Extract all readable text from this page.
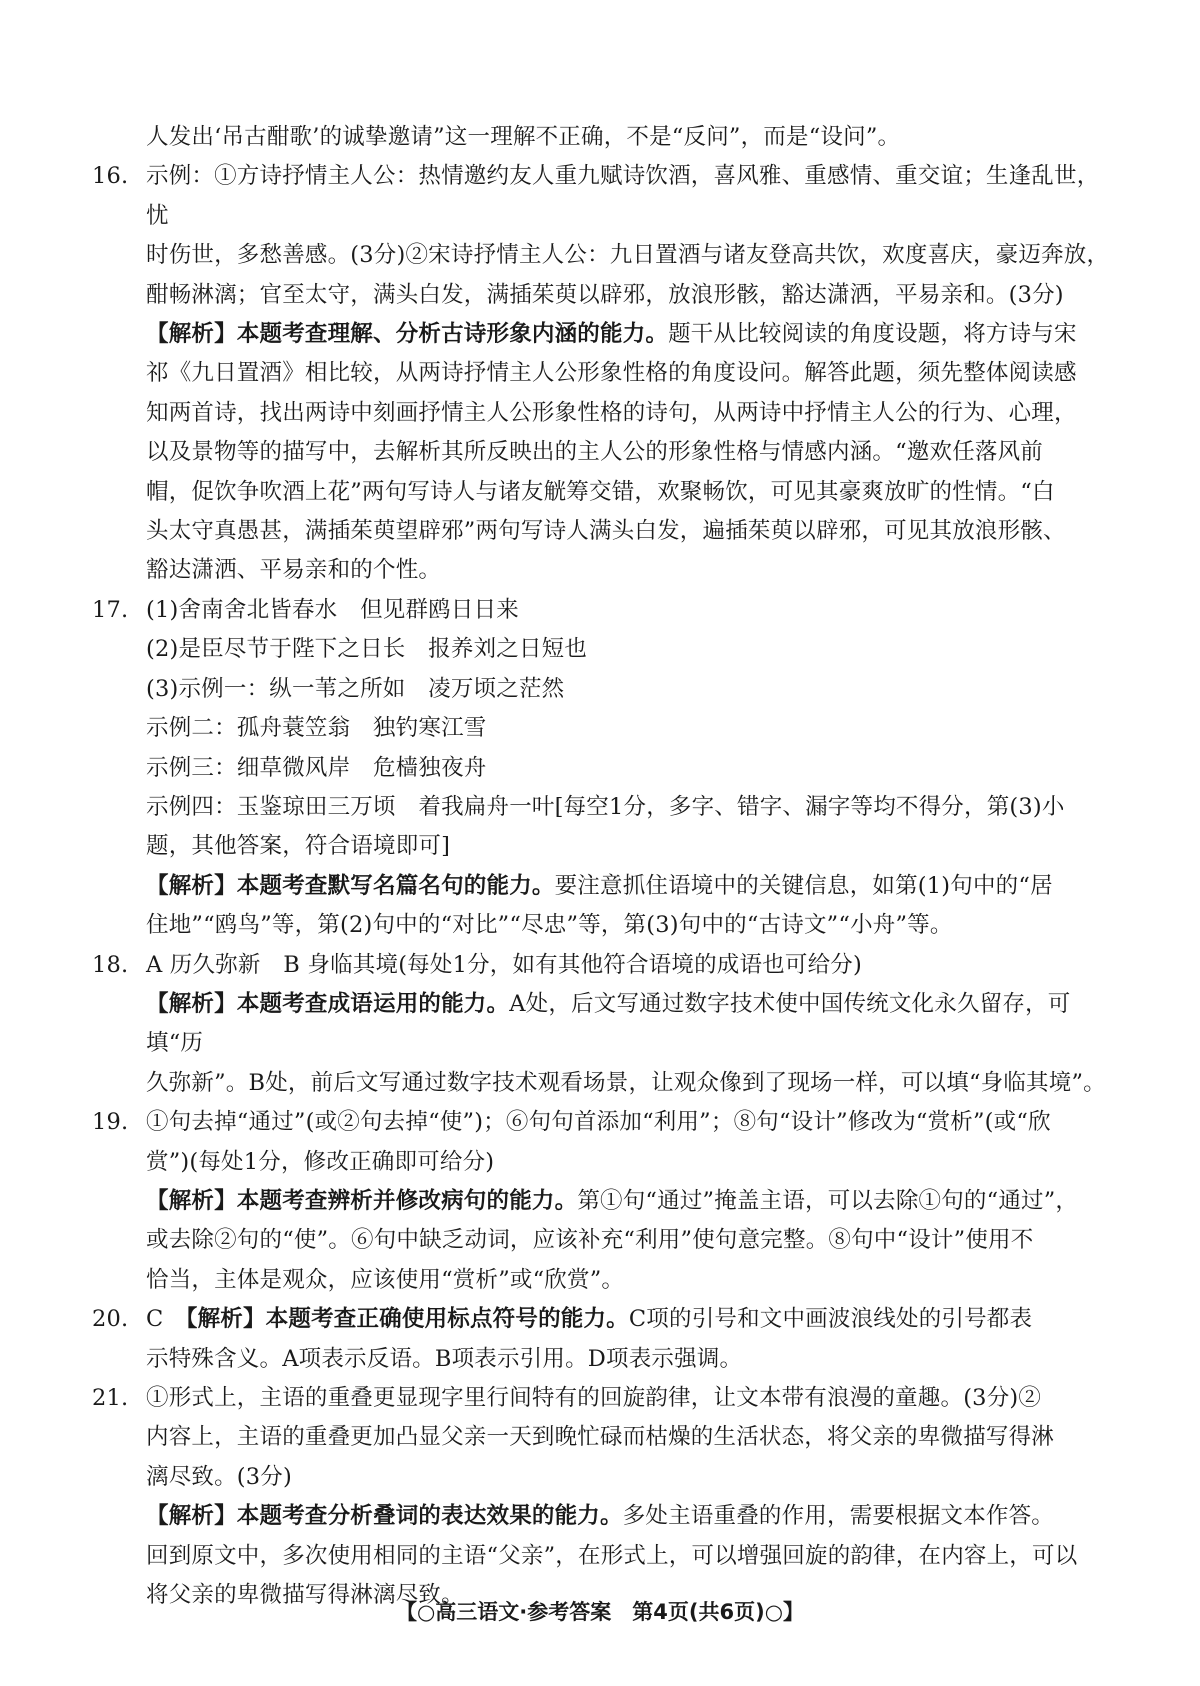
人发出‘吊古酣歌’的诚挚邀请”这一理解不正确，不是“反问”，而是“设问”。

16. 示例：①方诗抒情主人公：热情邀约友人重九赋诗饮酒，喜风雅、重感情、重交谊；生逢乱世，忧

时伤世，多愁善感。(3分)②宋诗抒情主人公：九日置酒与诸友登高共饮，欢度喜庆，豪迈奔放，

酣畅淋漓；官至太守，满头白发，满插茱萸以辟邪，放浪形骸，豁达潇洒，平易亲和。(3分)

【解析】本题考查理解、分析古诗形象内涵的能力。题干从比较阅读的角度设题，将方诗与宋

祁《九日置酒》相比较，从两诗抒情主人公形象性格的角度设问。解答此题，须先整体阅读感

知两首诗，找出两诗中刻画抒情主人公形象性格的诗句，从两诗中抒情主人公的行为、心理，

以及景物等的描写中，去解析其所反映出的主人公的形象性格与情感内涵。“邀欢任落风前

帽，促饮争吹酒上花”两句写诗人与诸友觥筹交错，欢聚畅饮，可见其豪爽放旷的性情。“白

头太守真愚甚，满插茱萸望辟邪”两句写诗人满头白发，遍插茱萸以辟邪，可见其放浪形骸、

豁达潇洒、平易亲和的个性。

17. (1)舍南舍北皆春水　但见群鸥日日来

(2)是臣尽节于陛下之日长　报养刘之日短也

(3)示例一：纵一苇之所如　凌万顷之茫然

示例二：孤舟蓑笠翁　独钓寒江雪

示例三：细草微风岸　危樯独夜舟

示例四：玉鉴琼田三万顷　着我扁舟一叶[每空1分，多字、错字、漏字等均不得分，第(3)小

题，其他答案，符合语境即可]

【解析】本题考查默写名篇名句的能力。要注意抓住语境中的关键信息，如第(1)句中的“居

住地”“鸥鸟”等，第(2)句中的“对比”“尽忠”等，第(3)句中的“古诗文”“小舟”等。

18. A 历久弥新　B 身临其境(每处1分，如有其他符合语境的成语也可给分)

【解析】本题考查成语运用的能力。A处，后文写通过数字技术使中国传统文化永久留存，可填“历

久弥新”。B处，前后文写通过数字技术观看场景，让观众像到了现场一样，可以填“身临其境”。

19. ①句去掉“通过”(或②句去掉“使”)；⑥句句首添加“利用”；⑧句“设计”修改为“赏析”(或“欣

赏”)(每处1分，修改正确即可给分)

【解析】本题考查辨析并修改病句的能力。第①句“通过”掩盖主语，可以去除①句的“通过”，

或去除②句的“使”。⑥句中缺乏动词，应该补充“利用”使句意完整。⑧句中“设计”使用不

恰当，主体是观众，应该使用“赏析”或“欣赏”。

20. C　【解析】本题考查正确使用标点符号的能力。C项的引号和文中画波浪线处的引号都表

示特殊含义。A项表示反语。B项表示引用。D项表示强调。

21. ①形式上，主语的重叠更显现字里行间特有的回旋韵律，让文本带有浪漫的童趣。(3分)②

内容上，主语的重叠更加凸显父亲一天到晚忙碌而枯燥的生活状态，将父亲的卑微描写得淋

漓尽致。(3分)

【解析】本题考查分析叠词的表达效果的能力。多处主语重叠的作用，需要根据文本作答。

回到原文中，多次使用相同的主语“父亲”，在形式上，可以增强回旋的韵律，在内容上，可以

将父亲的卑微描写得淋漓尽致。

【○高三语文·参考答案　第4页(共6页)○】
